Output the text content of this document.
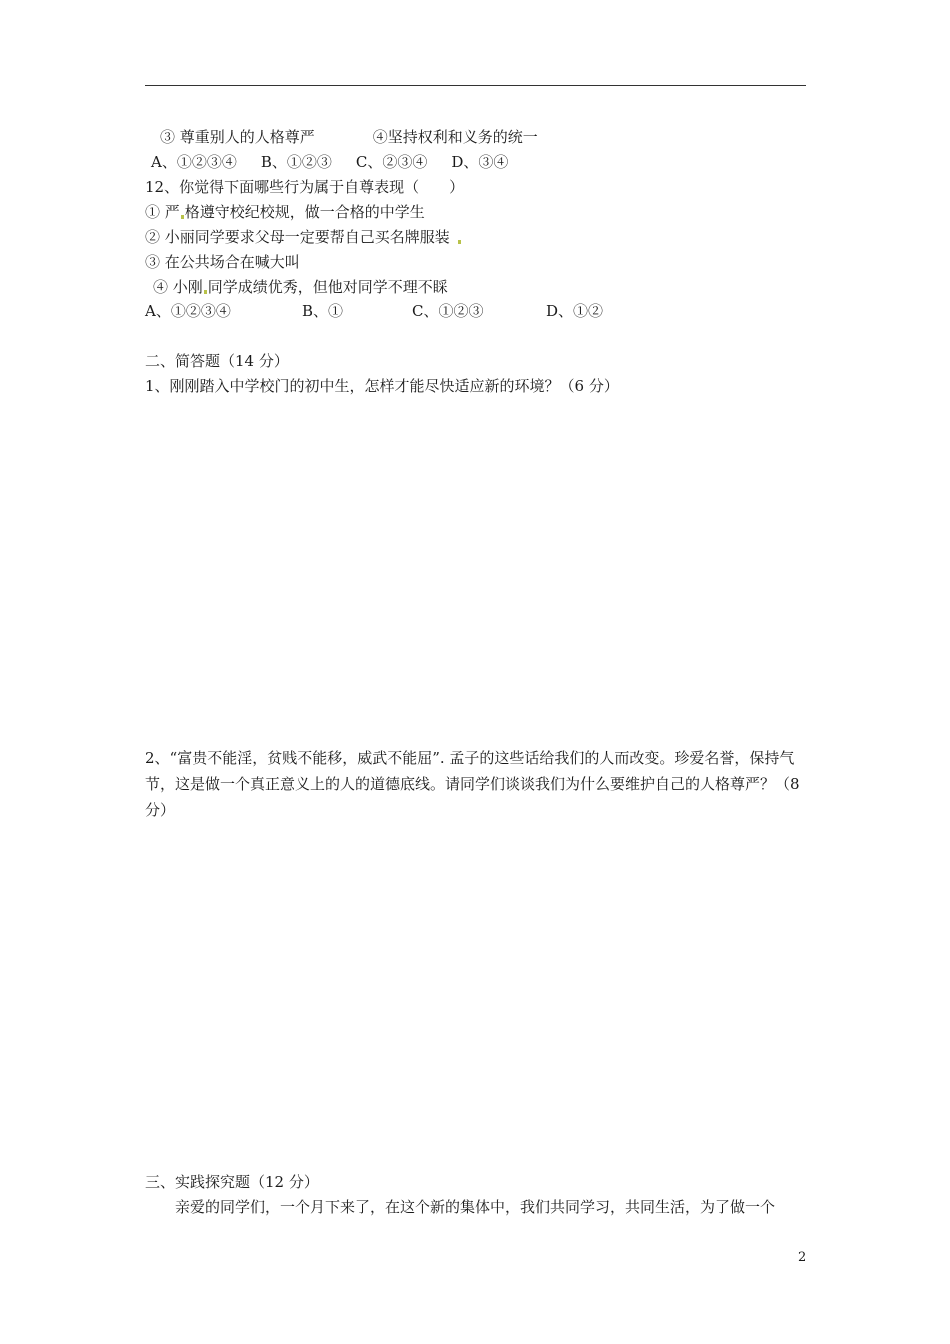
③ 尊重别人的人格尊严	④坚持权利和义务的统一
A、①②③④ B、①②③ C、②③④ D、③④
12、你觉得下面哪些行为属于自尊表现（　　）
① 严 格遵守校纪校规，做一合格的中学生
② 小丽同学要求父母一定要帮自己买名牌服装
③ 在公共场合在喊大叫
④ 小刚 同学成绩优秀，但他对同学不理不睬
A、①②③④	B、①	C、①②③	D、①②
二、简答题（14 分）
1、刚刚踏入中学校门的初中生，怎样才能尽快适应新的环境？（6 分）
2、“富贵不能淫，贫贱不能移，威武不能屈”. 孟子的这些话给我们的人而改变。珍爱名誉，保持气节，这是做一个真正意义上的人的道德底线。请同学们谈谈我们为什么要维护自己的人格尊严？（8 分）
三、实践探究题（12 分）
亲爱的同学们，一个月下来了，在这个新的集体中，我们共同学习，共同生活，为了做一个
2
